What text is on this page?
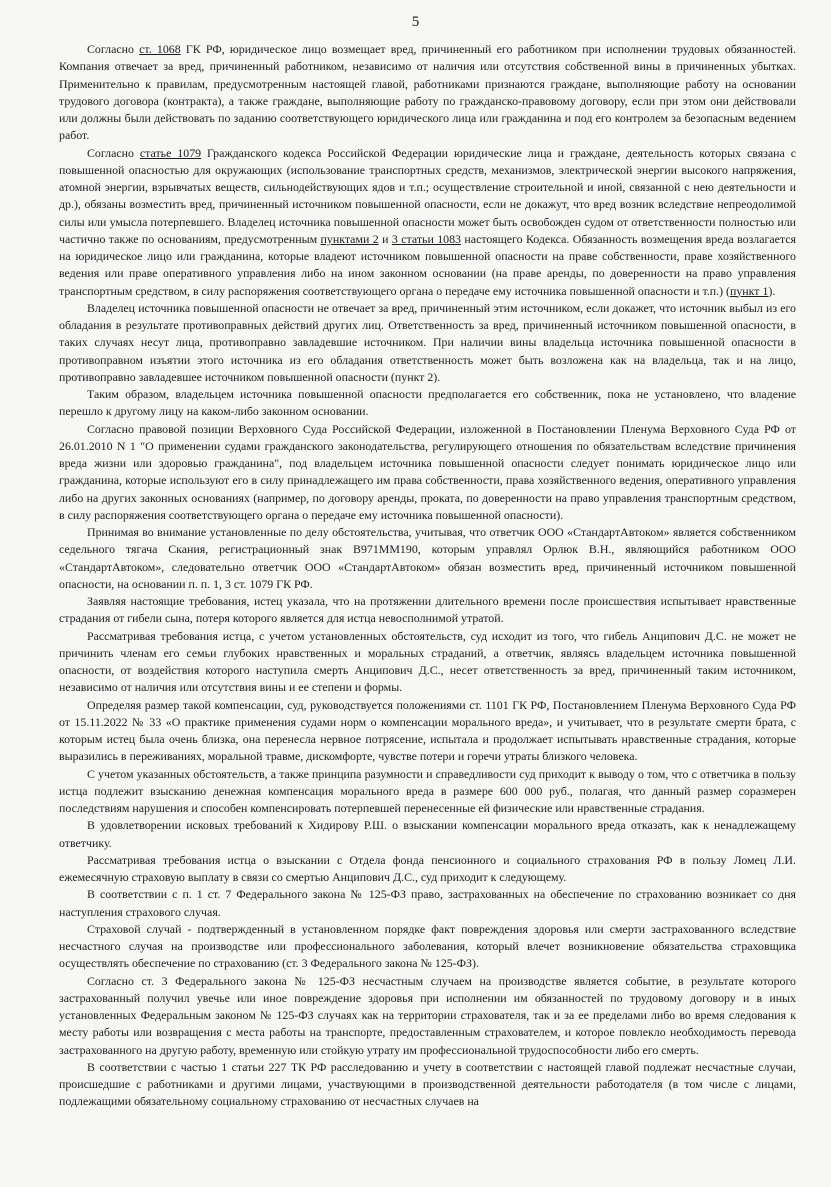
5

Согласно ст. 1068 ГК РФ, юридическое лицо возмещает вред, причиненный его работником при исполнении трудовых обязанностей. Компания отвечает за вред, причиненный работником, независимо от наличия или отсутствия собственной вины в причиненных убытках. Применительно к правилам, предусмотренным настоящей главой, работниками признаются граждане, выполняющие работу на основании трудового договора (контракта), а также граждане, выполняющие работу по гражданско-правовому договору, если при этом они действовали или должны были действовать по заданию соответствующего юридического лица или гражданина и под его контролем за безопасным ведением работ.

Согласно статье 1079 Гражданского кодекса Российской Федерации юридические лица и граждане, деятельность которых связана с повышенной опасностью для окружающих (использование транспортных средств, механизмов, электрической энергии высокого напряжения, атомной энергии, взрывчатых веществ, сильнодействующих ядов и т.п.; осуществление строительной и иной, связанной с нею деятельности и др.), обязаны возместить вред, причиненный источником повышенной опасности, если не докажут, что вред возник вследствие непреодолимой силы или умысла потерпевшего. Владелец источника повышенной опасности может быть освобожден судом от ответственности полностью или частично также по основаниям, предусмотренным пунктами 2 и 3 статьи 1083 настоящего Кодекса. Обязанность возмещения вреда возлагается на юридическое лицо или гражданина, которые владеют источником повышенной опасности на праве собственности, праве хозяйственного ведения или праве оперативного управления либо на ином законном основании (на праве аренды, по доверенности на право управления транспортным средством, в силу распоряжения соответствующего органа о передаче ему источника повышенной опасности и т.п.) (пункт 1).

Владелец источника повышенной опасности не отвечает за вред, причиненный этим источником, если докажет, что источник выбыл из его обладания в результате противоправных действий других лиц. Ответственность за вред, причиненный источником повышенной опасности, в таких случаях несут лица, противоправно завладевшие источником. При наличии вины владельца источника повышенной опасности в противоправном изъятии этого источника из его обладания ответственность может быть возложена как на владельца, так и на лицо, противоправно завладевшее источником повышенной опасности (пункт 2).

Таким образом, владельцем источника повышенной опасности предполагается его собственник, пока не установлено, что владение перешло к другому лицу на каком-либо законном основании.

Согласно правовой позиции Верховного Суда Российской Федерации, изложенной в Постановлении Пленума Верховного Суда РФ от 26.01.2010 N 1 "О применении судами гражданского законодательства, регулирующего отношения по обязательствам вследствие причинения вреда жизни или здоровью гражданина", под владельцем источника повышенной опасности следует понимать юридическое лицо или гражданина, которые используют его в силу принадлежащего им права собственности, права хозяйственного ведения, оперативного управления либо на других законных основаниях (например, по договору аренды, проката, по доверенности на право управления транспортным средством, в силу распоряжения соответствующего органа о передаче ему источника повышенной опасности).

Принимая во внимание установленные по делу обстоятельства, учитывая, что ответчик ООО «СтандартАвтоком» является собственником седельного тягача Скания, регистрационный знак В971ММ190, которым управлял Орлюк В.Н., являющийся работником ООО «СтандартАвтоком», следовательно ответчик ООО «СтандартАвтоком» обязан возместить вред, причиненный источником повышенной опасности, на основании п. п. 1, 3 ст. 1079 ГК РФ.

Заявляя настоящие требования, истец указала, что на протяжении длительного времени после происшествия испытывает нравственные страдания от гибели сына, потеря которого является для истца невосполнимой утратой.

Рассматривая требования истца, с учетом установленных обстоятельств, суд исходит из того, что гибель Анципович Д.С. не может не причинить членам его семьи глубоких нравственных и моральных страданий, а ответчик, являясь владельцем источника повышенной опасности, от воздействия которого наступила смерть Анципович Д.С., несет ответственность за вред, причиненный таким источником, независимо от наличия или отсутствия вины и ее степени и формы.

Определяя размер такой компенсации, суд, руководствуется положениями ст. 1101 ГК РФ, Постановлением Пленума Верховного Суда РФ от 15.11.2022 № 33 «О практике применения судами норм о компенсации морального вреда», и учитывает, что в результате смерти брата, с которым истец была очень близка, она перенесла нервное потрясение, испытала и продолжает испытывать нравственные страдания, которые выразились в переживаниях, моральной травме, дискомфорте, чувстве потери и горечи утраты близкого человека.

С учетом указанных обстоятельств, а также принципа разумности и справедливости суд приходит к выводу о том, что с ответчика в пользу истца подлежит взысканию денежная компенсация морального вреда в размере 600 000 руб., полагая, что данный размер соразмерен последствиям нарушения и способен компенсировать потерпевшей перенесенные ей физические или нравственные страдания.

В удовлетворении исковых требований к Хидирову Р.Ш. о взыскании компенсации морального вреда отказать, как к ненадлежащему ответчику.

Рассматривая требования истца о взыскании с Отдела фонда пенсионного и социального страхования РФ в пользу Ломец Л.И. ежемесячную страховую выплату в связи со смертью Анципович Д.С., суд приходит к следующему.

В соответствии с п. 1 ст. 7 Федерального закона № 125-ФЗ право, застрахованных на обеспечение по страхованию возникает со дня наступления страхового случая.

Страховой случай - подтвержденный в установленном порядке факт повреждения здоровья или смерти застрахованного вследствие несчастного случая на производстве или профессионального заболевания, который влечет возникновение обязательства страховщика осуществлять обеспечение по страхованию (ст. 3 Федерального закона № 125-ФЗ).

Согласно ст. 3 Федерального закона № 125-ФЗ несчастным случаем на производстве является событие, в результате которого застрахованный получил увечье или иное повреждение здоровья при исполнении им обязанностей по трудовому договору и в иных установленных Федеральным законом № 125-ФЗ случаях как на территории страхователя, так и за ее пределами либо во время следования к месту работы или возвращения с места работы на транспорте, предоставленным страхователем, и которое повлекло необходимость перевода застрахованного на другую работу, временную или стойкую утрату им профессиональной трудоспособности либо его смерть.

В соответствии с частью 1 статьи 227 ТК РФ расследованию и учету в соответствии с настоящей главой подлежат несчастные случаи, происшедшие с работниками и другими лицами, участвующими в производственной деятельности работодателя (в том числе с лицами, подлежащими обязательному социальному страхованию от несчастных случаев на
